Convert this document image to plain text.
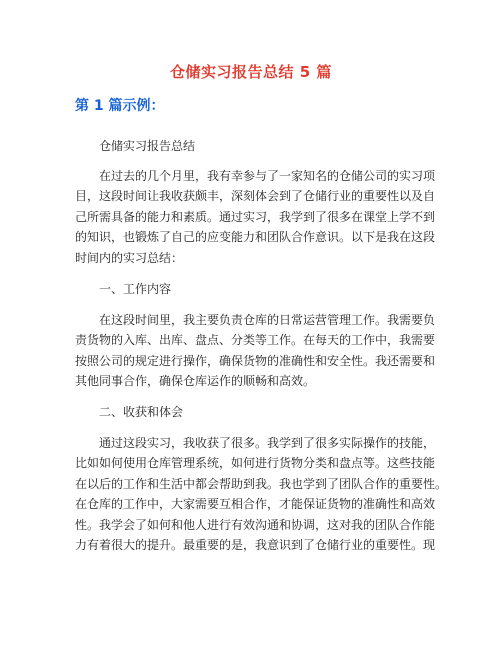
仓储实习报告总结 5 篇
第 1 篇示例：

仓储实习报告总结

在过去的几个月里，我有幸参与了一家知名的仓储公司的实习项
目，这段时间让我收获颇丰，深刻体会到了仓储行业的重要性以及自
己所需具备的能力和素质。通过实习，我学到了很多在课堂上学不到
的知识，也锻炼了自己的应变能力和团队合作意识。以下是我在这段
时间内的实习总结：

一、工作内容

在这段时间里，我主要负责仓库的日常运营管理工作。我需要负
责货物的入库、出库、盘点、分类等工作。在每天的工作中，我需要
按照公司的规定进行操作，确保货物的准确性和安全性。我还需要和
其他同事合作，确保仓库运作的顺畅和高效。

二、收获和体会

通过这段实习，我收获了很多。我学到了很多实际操作的技能，
比如如何使用仓库管理系统，如何进行货物分类和盘点等。这些技能
在以后的工作和生活中都会帮助到我。我也学到了团队合作的重要性。
在仓库的工作中，大家需要互相合作，才能保证货物的准确性和高效
性。我学会了如何和他人进行有效沟通和协调，这对我的团队合作能
力有着很大的提升。最重要的是，我意识到了仓储行业的重要性。现
